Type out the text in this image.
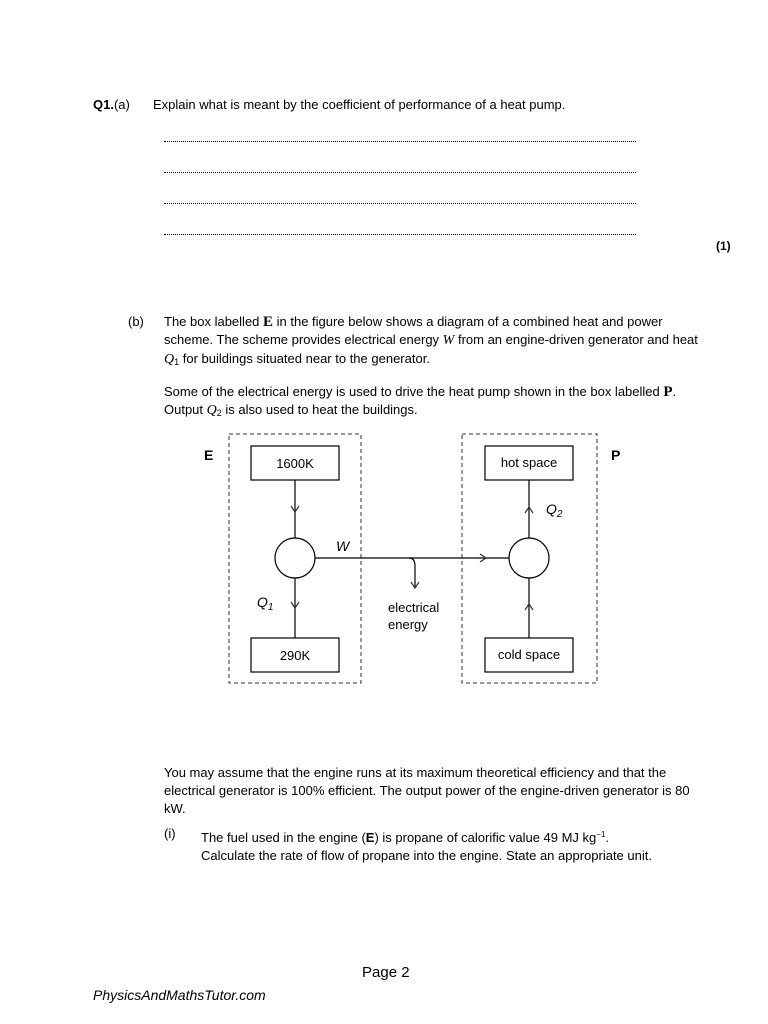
Q1.(a) Explain what is meant by the coefficient of performance of a heat pump.
(1)
(b) The box labelled E in the figure below shows a diagram of a combined heat and power scheme. The scheme provides electrical energy W from an engine-driven generator and heat Q1 for buildings situated near to the generator.
Some of the electrical energy is used to drive the heat pump shown in the box labelled P. Output Q2 is also used to heat the buildings.
E	P
1600K
290K
hot space
cold space
W
$Q_1$
$Q_2$
electrical
energy
You may assume that the engine runs at its maximum theoretical efficiency and that the electrical generator is 100% efficient. The output power of the engine-driven generator is 80 kW.
(i) The fuel used in the engine (E) is propane of calorific value 49 MJ $kg^{-1}$.
Calculate the rate of flow of propane into the engine. State an appropriate unit.
Page 2
PhysicsAndMathsTutor.com
